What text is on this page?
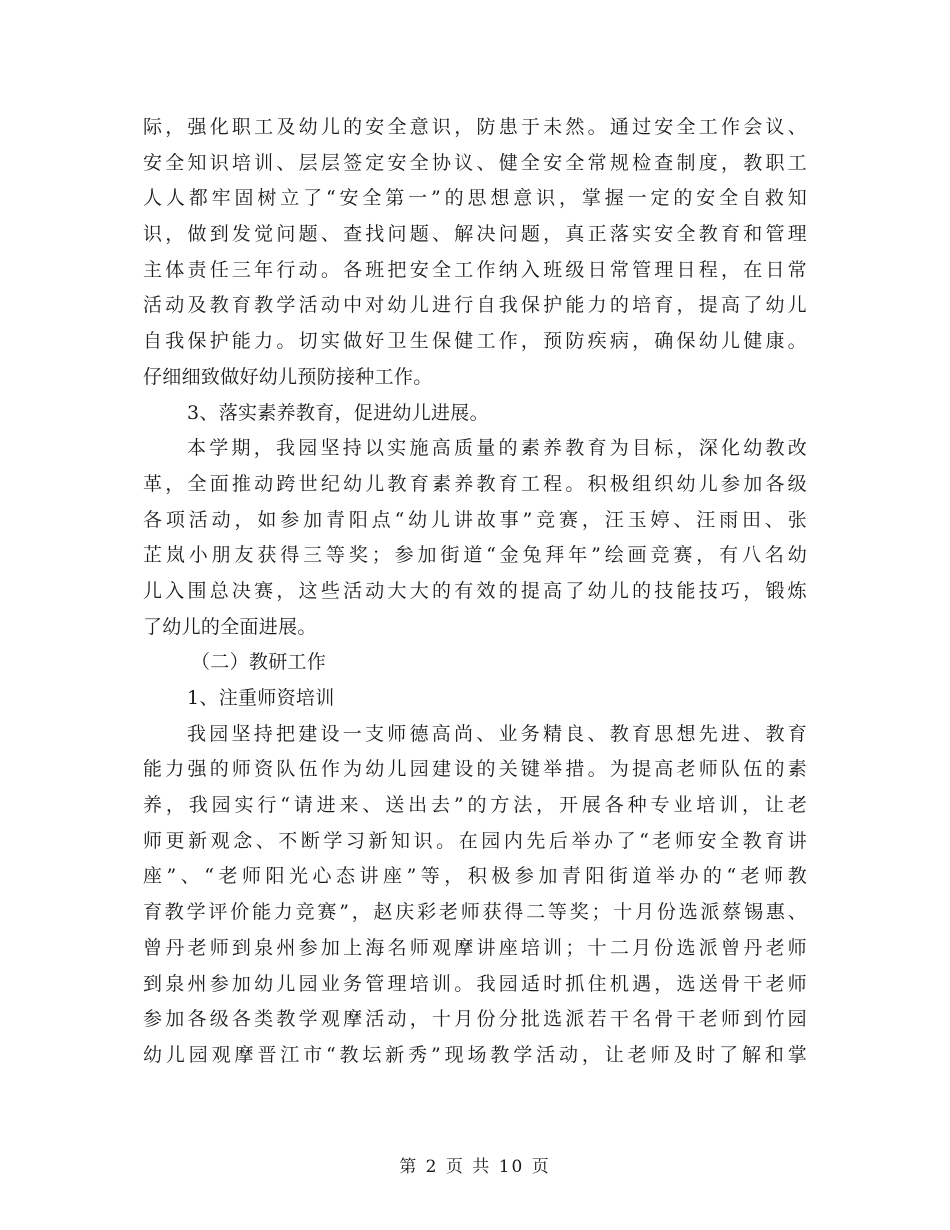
际，强化职工及幼儿的安全意识，防患于未然。通过安全工作会议、
安全知识培训、层层签定安全协议、健全安全常规检查制度，教职工
人人都牢固树立了“安全第一”的思想意识，掌握一定的安全自救知
识，做到发觉问题、查找问题、解决问题，真正落实安全教育和管理
主体责任三年行动。各班把安全工作纳入班级日常管理日程，在日常
活动及教育教学活动中对幼儿进行自我保护能力的培育，提高了幼儿
自我保护能力。切实做好卫生保健工作，预防疾病，确保幼儿健康。
仔细细致做好幼儿预防接种工作。
3、落实素养教育，促进幼儿进展。
本学期，我园坚持以实施高质量的素养教育为目标，深化幼教改
革，全面推动跨世纪幼儿教育素养教育工程。积极组织幼儿参加各级
各项活动，如参加青阳点“幼儿讲故事”竞赛，汪玉婷、汪雨田、张
芷岚小朋友获得三等奖；参加街道“金兔拜年”绘画竞赛，有八名幼
儿入围总决赛，这些活动大大的有效的提高了幼儿的技能技巧，锻炼
了幼儿的全面进展。
（二）教研工作
1、注重师资培训
我园坚持把建设一支师德高尚、业务精良、教育思想先进、教育
能力强的师资队伍作为幼儿园建设的关键举措。为提高老师队伍的素
养，我园实行“请进来、送出去”的方法，开展各种专业培训，让老
师更新观念、不断学习新知识。在园内先后举办了“老师安全教育讲
座”、“老师阳光心态讲座”等，积极参加青阳街道举办的“老师教
育教学评价能力竞赛”，赵庆彩老师获得二等奖；十月份选派蔡锡惠、
曾丹老师到泉州参加上海名师观摩讲座培训；十二月份选派曾丹老师
到泉州参加幼儿园业务管理培训。我园适时抓住机遇，选送骨干老师
参加各级各类教学观摩活动，十月份分批选派若干名骨干老师到竹园
幼儿园观摩晋江市“教坛新秀”现场教学活动，让老师及时了解和掌
第 2 页 共 10 页
